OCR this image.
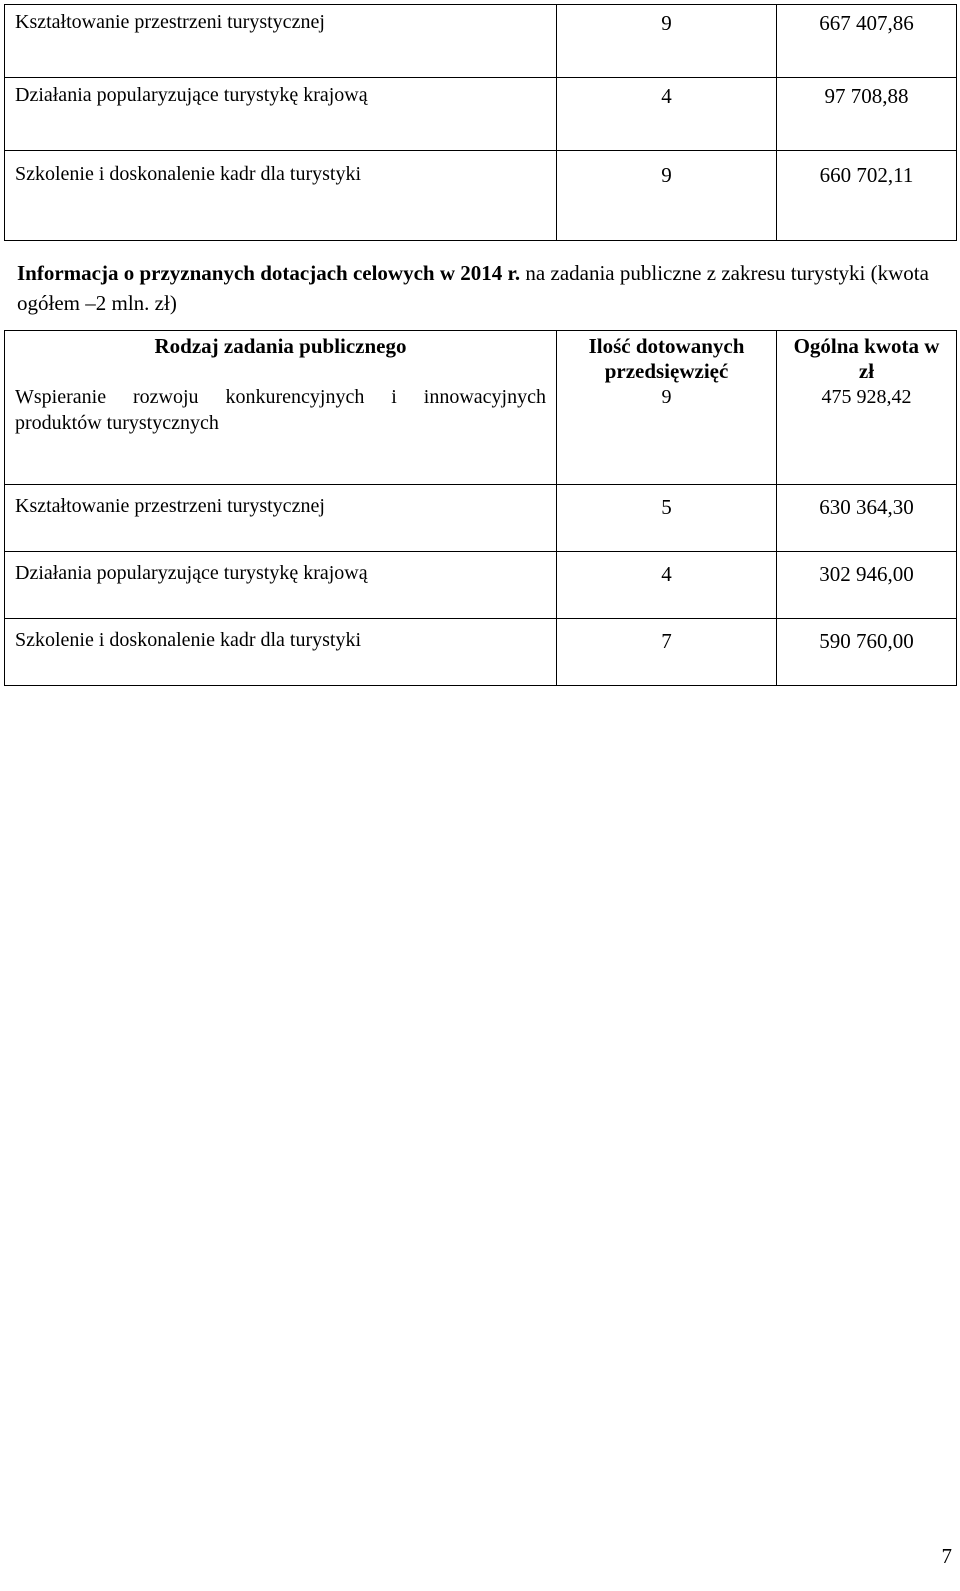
Kształtowanie przestrzeni turystycznej	9	667 407,86
Działania popularyzujące turystykę krajową	4	97 708,88
Szkolenie i doskonalenie kadr dla turystyki	9	660 702,11
Informacja o przyznanych dotacjach celowych w 2014 r. na zadania publiczne z zakresu turystyki (kwota ogółem –2 mln. zł)
Rodzaj zadania publicznego	Ilość dotowanych przedsięwzięć	Ogólna kwota w zł
Wspieranie rozwoju konkurencyjnych i innowacyjnych produktów turystycznych	9	475 928,42
Kształtowanie przestrzeni turystycznej	5	630 364,30
Działania popularyzujące turystykę krajową	4	302 946,00
Szkolenie i doskonalenie kadr dla turystyki	7	590 760,00
7
